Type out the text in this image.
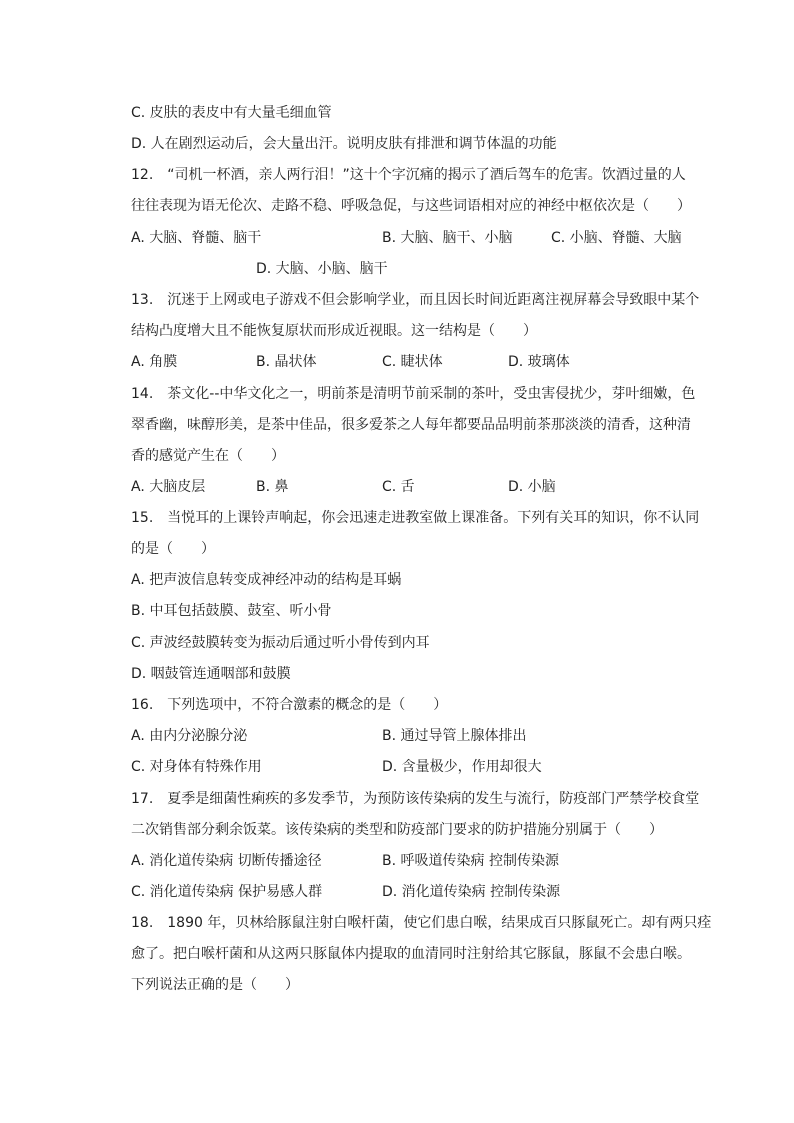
C. 皮肤的表皮中有大量毛细血管
D. 人在剧烈运动后，会大量出汗。说明皮肤有排泄和调节体温的功能
12.　“司机一杯酒，亲人两行泪！”这十个字沉痛的揭示了酒后驾车的危害。饮酒过量的人
往往表现为语无伦次、走路不稳、呼吸急促，与这些词语相对应的神经中枢依次是（　　）
A. 大脑、脊髓、脑干	B. 大脑、脑干、小脑	C. 小脑、脊髓、大脑
D. 大脑、小脑、脑干
13.　沉迷于上网或电子游戏不但会影响学业，而且因长时间近距离注视屏幕会导致眼中某个
结构凸度增大且不能恢复原状而形成近视眼。这一结构是（　　）
A. 角膜	B. 晶状体	C. 睫状体	D. 玻璃体
14.　茶文化--中华文化之一，明前茶是清明节前采制的茶叶，受虫害侵扰少，芽叶细嫩，色
翠香幽，味醇形美，是茶中佳品，很多爱茶之人每年都要品品明前茶那淡淡的清香，这种清
香的感觉产生在（　　）
A. 大脑皮层	B. 鼻	C. 舌	D. 小脑
15.　当悦耳的上课铃声响起，你会迅速走进教室做上课准备。下列有关耳的知识，你不认同
的是（　　）
A. 把声波信息转变成神经冲动的结构是耳蜗
B. 中耳包括鼓膜、鼓室、听小骨
C. 声波经鼓膜转变为振动后通过听小骨传到内耳
D. 咽鼓管连通咽部和鼓膜
16.　下列选项中，不符合激素的概念的是（　　）
A. 由内分泌腺分泌	B. 通过导管上腺体排出
C. 对身体有特殊作用	D. 含量极少，作用却很大
17.　夏季是细菌性痢疾的多发季节，为预防该传染病的发生与流行，防疫部门严禁学校食堂
二次销售部分剩余饭菜。该传染病的类型和防疫部门要求的防护措施分别属于（　　）
A. 消化道传染病 切断传播途径	B. 呼吸道传染病 控制传染源
C. 消化道传染病 保护易感人群	D. 消化道传染病 控制传染源
18.　1890 年，贝林给豚鼠注射白喉杆菌，使它们患白喉，结果成百只豚鼠死亡。却有两只痊
愈了。把白喉杆菌和从这两只豚鼠体内提取的血清同时注射给其它豚鼠，豚鼠不会患白喉。
下列说法正确的是（　　）
